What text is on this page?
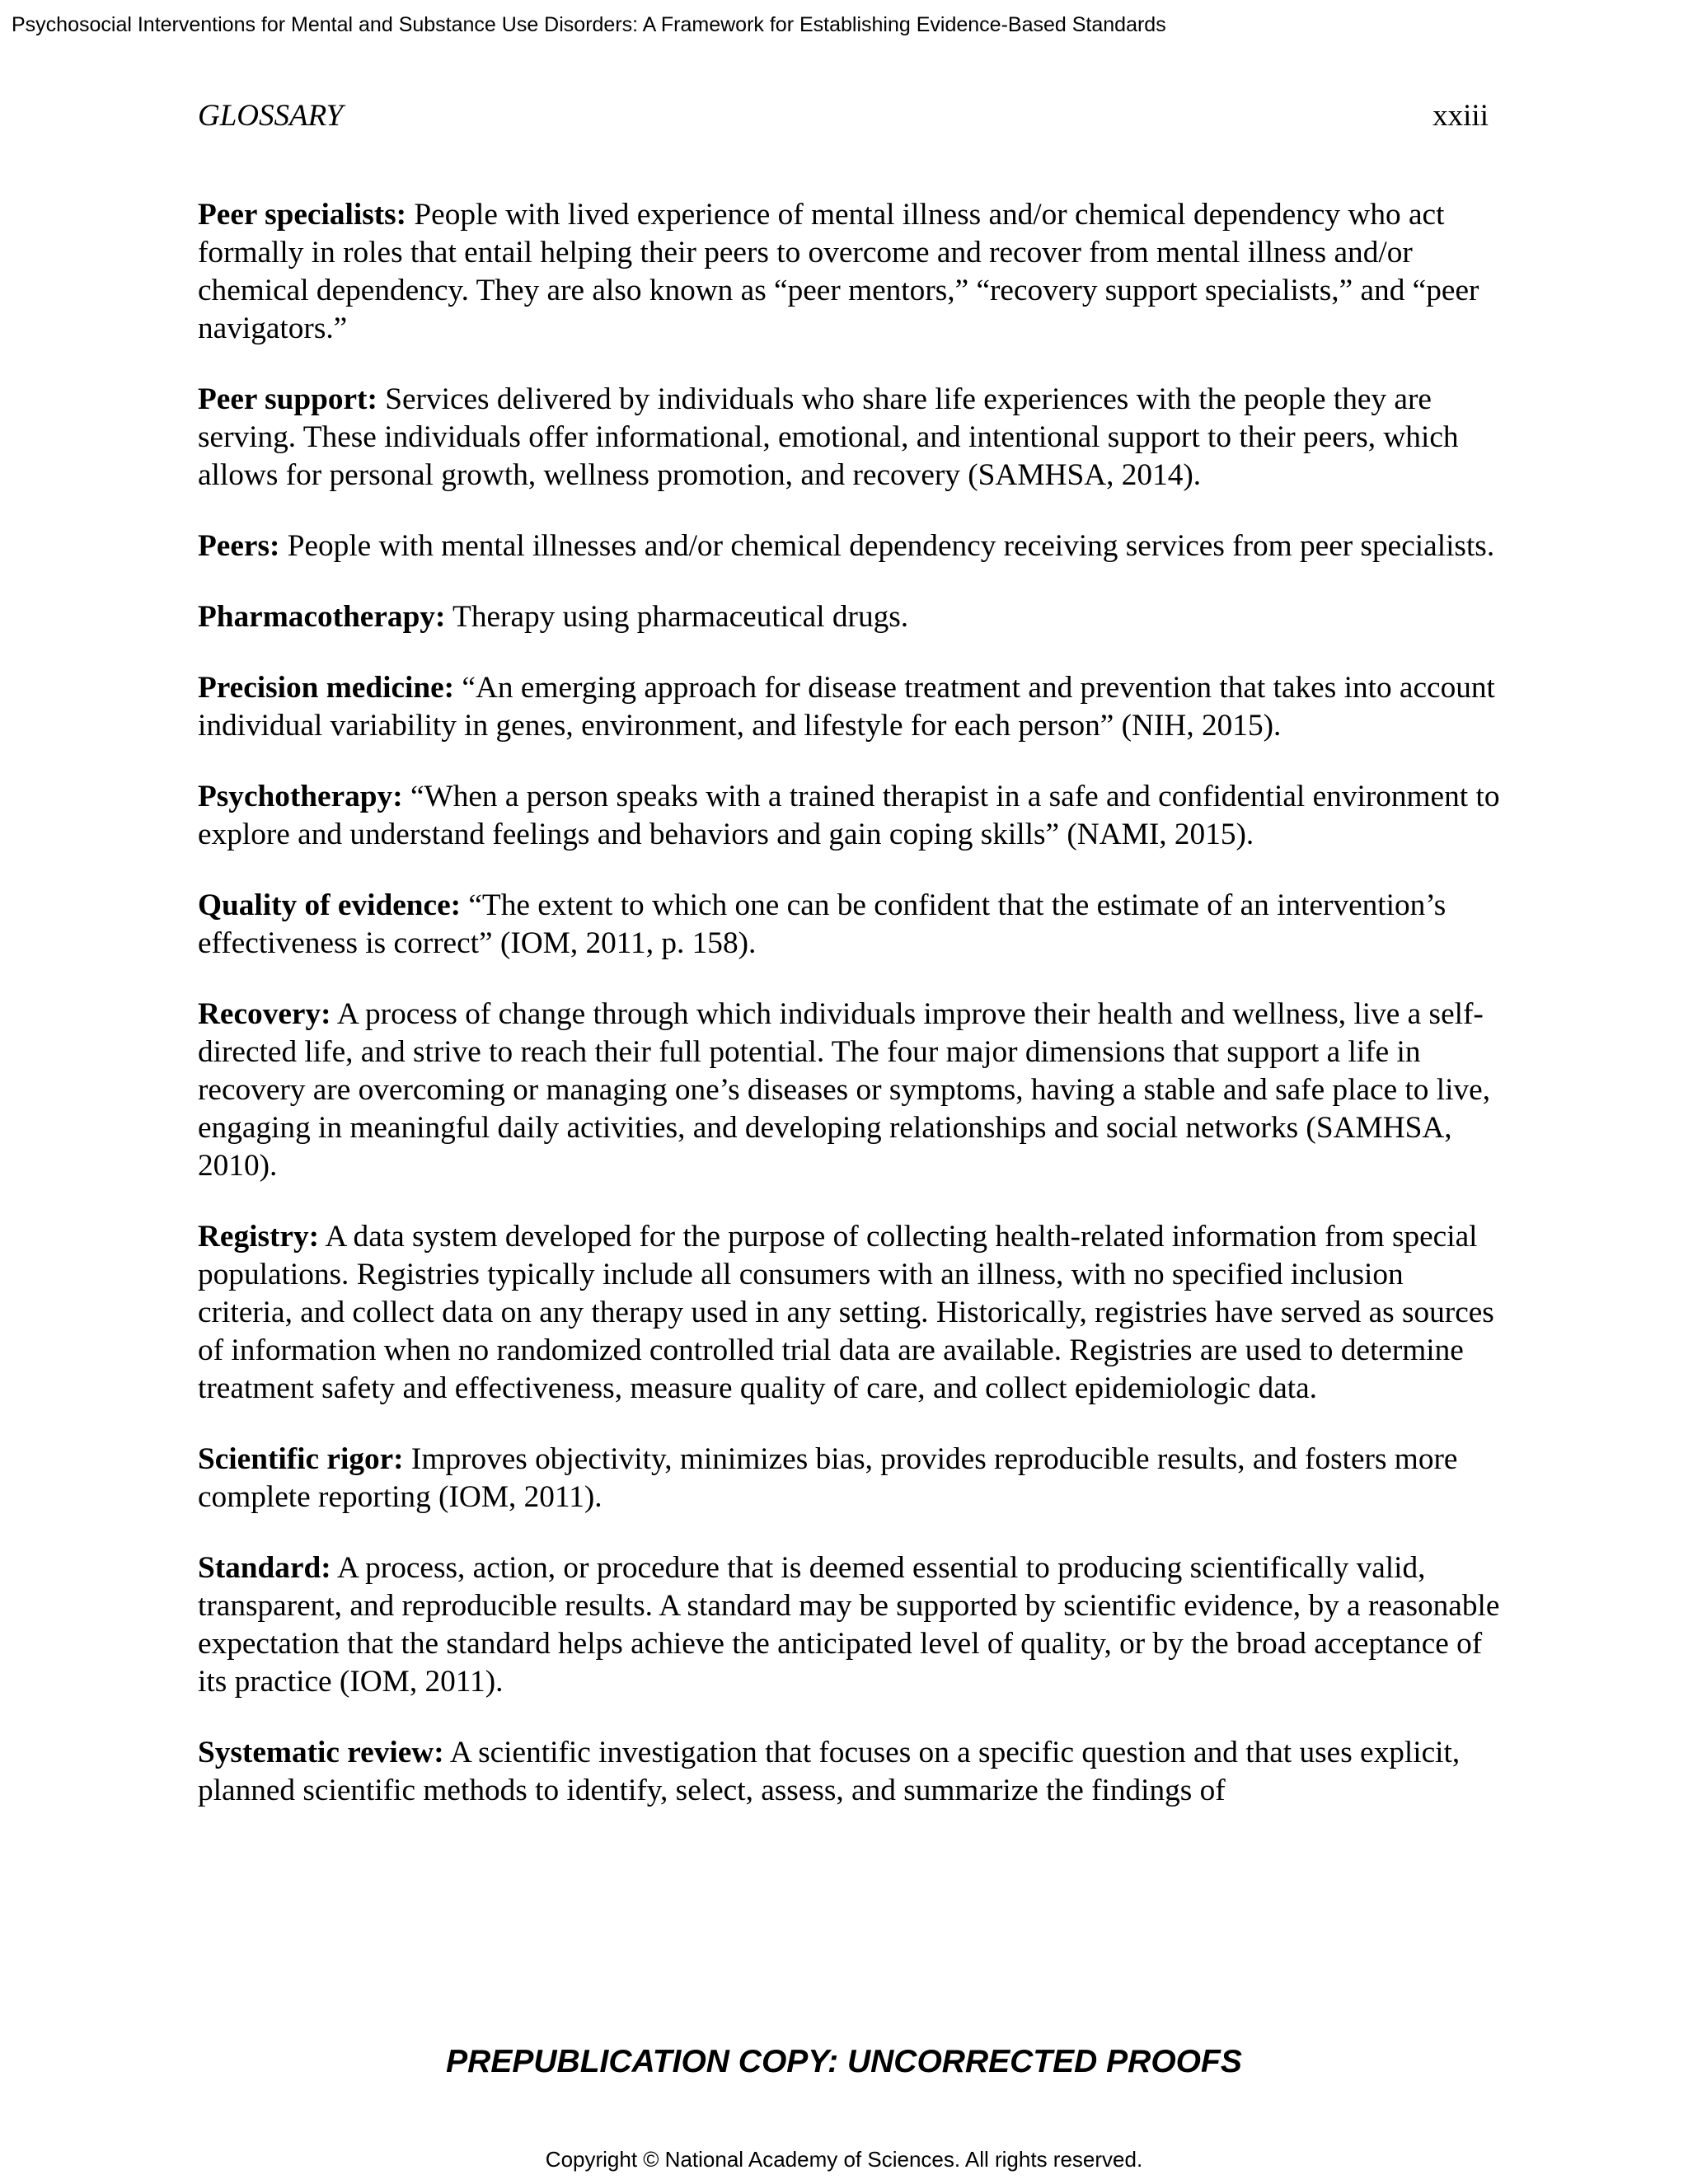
Psychosocial Interventions for Mental and Substance Use Disorders: A Framework for Establishing Evidence-Based Standards
GLOSSARY	xxiii

Peer specialists: People with lived experience of mental illness and/or chemical dependency who act formally in roles that entail helping their peers to overcome and recover from mental illness and/or chemical dependency. They are also known as “peer mentors,” “recovery support specialists,” and “peer navigators.”

Peer support: Services delivered by individuals who share life experiences with the people they are serving. These individuals offer informational, emotional, and intentional support to their peers, which allows for personal growth, wellness promotion, and recovery (SAMHSA, 2014).

Peers: People with mental illnesses and/or chemical dependency receiving services from peer specialists.

Pharmacotherapy: Therapy using pharmaceutical drugs.

Precision medicine: “An emerging approach for disease treatment and prevention that takes into account individual variability in genes, environment, and lifestyle for each person” (NIH, 2015).

Psychotherapy: “When a person speaks with a trained therapist in a safe and confidential environment to explore and understand feelings and behaviors and gain coping skills” (NAMI, 2015).

Quality of evidence: “The extent to which one can be confident that the estimate of an intervention’s effectiveness is correct” (IOM, 2011, p. 158).

Recovery: A process of change through which individuals improve their health and wellness, live a self-directed life, and strive to reach their full potential. The four major dimensions that support a life in recovery are overcoming or managing one’s diseases or symptoms, having a stable and safe place to live, engaging in meaningful daily activities, and developing relationships and social networks (SAMHSA, 2010).

Registry: A data system developed for the purpose of collecting health-related information from special populations. Registries typically include all consumers with an illness, with no specified inclusion criteria, and collect data on any therapy used in any setting. Historically, registries have served as sources of information when no randomized controlled trial data are available. Registries are used to determine treatment safety and effectiveness, measure quality of care, and collect epidemiologic data.

Scientific rigor: Improves objectivity, minimizes bias, provides reproducible results, and fosters more complete reporting (IOM, 2011).

Standard: A process, action, or procedure that is deemed essential to producing scientifically valid, transparent, and reproducible results. A standard may be supported by scientific evidence, by a reasonable expectation that the standard helps achieve the anticipated level of quality, or by the broad acceptance of its practice (IOM, 2011).

Systematic review: A scientific investigation that focuses on a specific question and that uses explicit, planned scientific methods to identify, select, assess, and summarize the findings of

PREPUBLICATION COPY: UNCORRECTED PROOFS
Copyright © National Academy of Sciences. All rights reserved.
